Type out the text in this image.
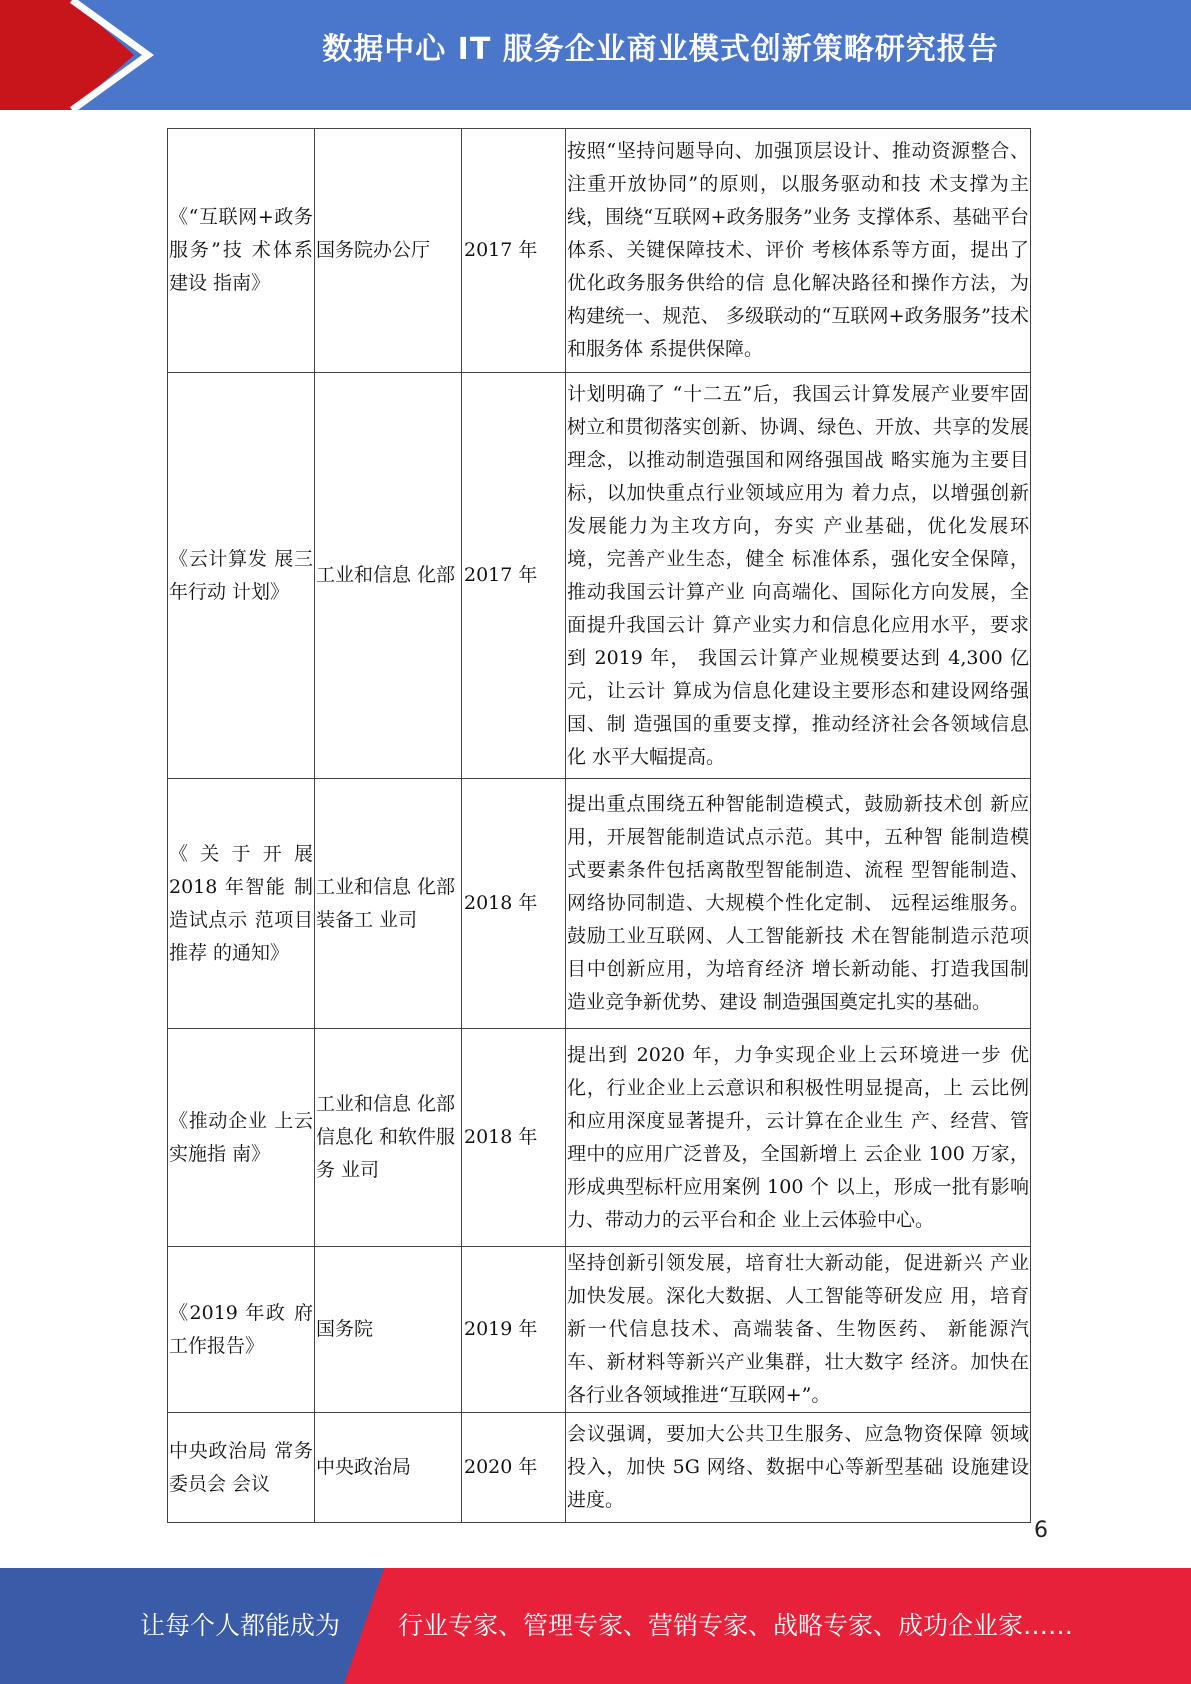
数据中心 IT 服务企业商业模式创新策略研究报告
《“互联网+政务服务”技 术体系建设 指南》	国务院办公厅	2017 年	按照“坚持问题导向、加强顶层设计、推动资源整合、注重开放协同”的原则，以服务驱动和技 术支撑为主线，围绕“互联网+政务服务”业务 支撑体系、基础平台体系、关键保障技术、评价 考核体系等方面，提出了优化政务服务供给的信 息化解决路径和操作方法，为构建统一、规范、 多级联动的“互联网+政务服务”技术和服务体 系提供保障。
《云计算发 展三年行动 计划》	工业和信息 化部	2017 年	计划明确了 “十二五”后，我国云计算发展产业要牢固树立和贯彻落实创新、协调、绿色、开放、共享的发展理念，以推动制造强国和网络强国战 略实施为主要目标，以加快重点行业领域应用为 着力点，以增强创新发展能力为主攻方向，夯实 产业基础，优化发展环境，完善产业生态，健全 标准体系，强化安全保障，推动我国云计算产业 向高端化、国际化方向发展，全面提升我国云计 算产业实力和信息化应用水平，要求到 2019 年， 我国云计算产业规模要达到 4,300 亿元，让云计 算成为信息化建设主要形态和建设网络强国、制 造强国的重要支撑，推动经济社会各领域信息化 水平大幅提高。
《关于开展 2018 年智能 制造试点示 范项目推荐 的通知》	工业和信息 化部装备工 业司	2018 年	提出重点围绕五种智能制造模式，鼓励新技术创 新应用，开展智能制造试点示范。其中，五种智 能制造模式要素条件包括离散型智能制造、流程 型智能制造、网络协同制造、大规模个性化定制、 远程运维服务。鼓励工业互联网、人工智能新技 术在智能制造示范项目中创新应用，为培育经济 增长新动能、打造我国制造业竞争新优势、建设 制造强国奠定扎实的基础。
《推动企业 上云实施指 南》	工业和信息 化部信息化 和软件服务 业司	2018 年	提出到 2020 年，力争实现企业上云环境进一步 优化，行业企业上云意识和积极性明显提高，上 云比例和应用深度显著提升，云计算在企业生 产、经营、管理中的应用广泛普及，全国新增上 云企业 100 万家，形成典型标杆应用案例 100 个 以上，形成一批有影响力、带动力的云平台和企 业上云体验中心。
《2019 年政 府工作报告》	国务院	2019 年	坚持创新引领发展，培育壮大新动能，促进新兴 产业加快发展。深化大数据、人工智能等研发应 用，培育新一代信息技术、高端装备、生物医药、 新能源汽车、新材料等新兴产业集群，壮大数字 经济。加快在各行业各领域推进“互联网+”。
中央政治局 常务委员会 会议	中央政治局	2020 年	会议强调，要加大公共卫生服务、应急物资保障 领域投入，加快 5G 网络、数据中心等新型基础 设施建设进度。
6
让每个人都能成为 行业专家、管理专家、营销专家、战略专家、成功企业家……
